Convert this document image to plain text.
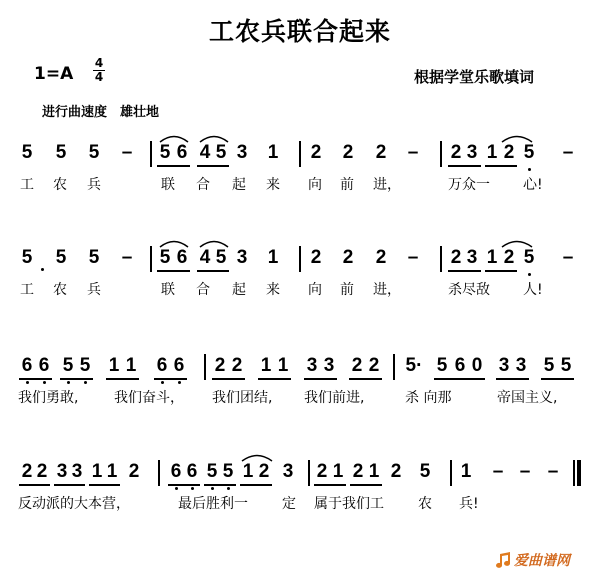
工农兵联合起来
1=A
4
4	根据学堂乐歌填词
进行曲速度　雄壮地
5 5 5 – 5 6 4 5 3 1 2 2 2 – 2 3 1 2 5 –
工 农 兵	联 合 起 来 向 前 进，	万众一 心!
5 5 5 – 5 6 4 5 3 1 2 2 2 – 2 3 1 2 5 –
工 农 兵	联 合 起 来 向 前 进，	杀尽敌 人!
6 6 5 5 1 1 6 6 2 2 1 1 3 3 2 2 5· 5 6 0 3 3 5 5
我们勇敢,	我们奋斗， 我们团结, 我们前进,	杀 向那	帝国主义,
2 2 3 3 1 1 2 6 6 5 5 1 2 3 2 1 2 1 2 5 1 – – –
反动派的大本营，	最后胜利一 定 属于我们工 农 兵!
爱曲谱网
